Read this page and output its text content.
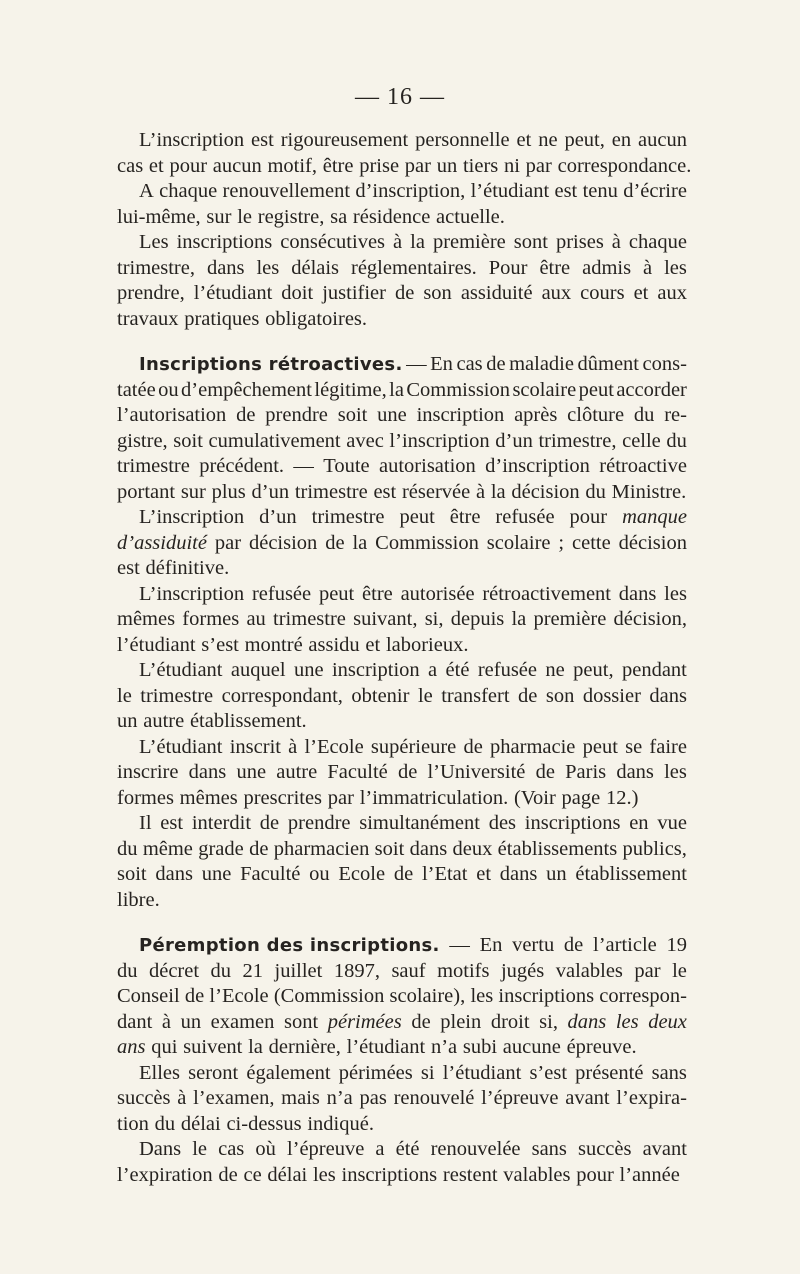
— 16 —
L’inscription est rigoureusement personnelle et ne peut, en aucun
cas et pour aucun motif, être prise par un tiers ni par correspondance.
A chaque renouvellement d’inscription, l’étudiant est tenu d’écrire
lui-même, sur le registre, sa résidence actuelle.
Les inscriptions consécutives à la première sont prises à chaque
trimestre, dans les délais réglementaires. Pour être admis à les
prendre, l’étudiant doit justifier de son assiduité aux cours et aux
travaux pratiques obligatoires.
Inscriptions rétroactives. — En cas de maladie dûment cons-
tatée ou d’empêchement légitime, la Commission scolaire peut accorder
l’autorisation de prendre soit une inscription après clôture du re-
gistre, soit cumulativement avec l’inscription d’un trimestre, celle du
trimestre précédent. — Toute autorisation d’inscription rétroactive
portant sur plus d’un trimestre est réservée à la décision du Ministre.
L’inscription d’un trimestre peut être refusée pour manque
d’assiduité par décision de la Commission scolaire ; cette décision
est définitive.
L’inscription refusée peut être autorisée rétroactivement dans les
mêmes formes au trimestre suivant, si, depuis la première décision,
l’étudiant s’est montré assidu et laborieux.
L’étudiant auquel une inscription a été refusée ne peut, pendant
le trimestre correspondant, obtenir le transfert de son dossier dans
un autre établissement.
L’étudiant inscrit à l’Ecole supérieure de pharmacie peut se faire
inscrire dans une autre Faculté de l’Université de Paris dans les
formes mêmes prescrites par l’immatriculation. (Voir page 12.)
Il est interdit de prendre simultanément des inscriptions en vue
du même grade de pharmacien soit dans deux établissements publics,
soit dans une Faculté ou Ecole de l’Etat et dans un établissement
libre.
Péremption des inscriptions. — En vertu de l’article 19
du décret du 21 juillet 1897, sauf motifs jugés valables par le
Conseil de l’Ecole (Commission scolaire), les inscriptions correspon-
dant à un examen sont périmées de plein droit si, dans les deux
ans qui suivent la dernière, l’étudiant n’a subi aucune épreuve.
Elles seront également périmées si l’étudiant s’est présenté sans
succès à l’examen, mais n’a pas renouvelé l’épreuve avant l’expira-
tion du délai ci-dessus indiqué.
Dans le cas où l’épreuve a été renouvelée sans succès avant
l’expiration de ce délai les inscriptions restent valables pour l’année
